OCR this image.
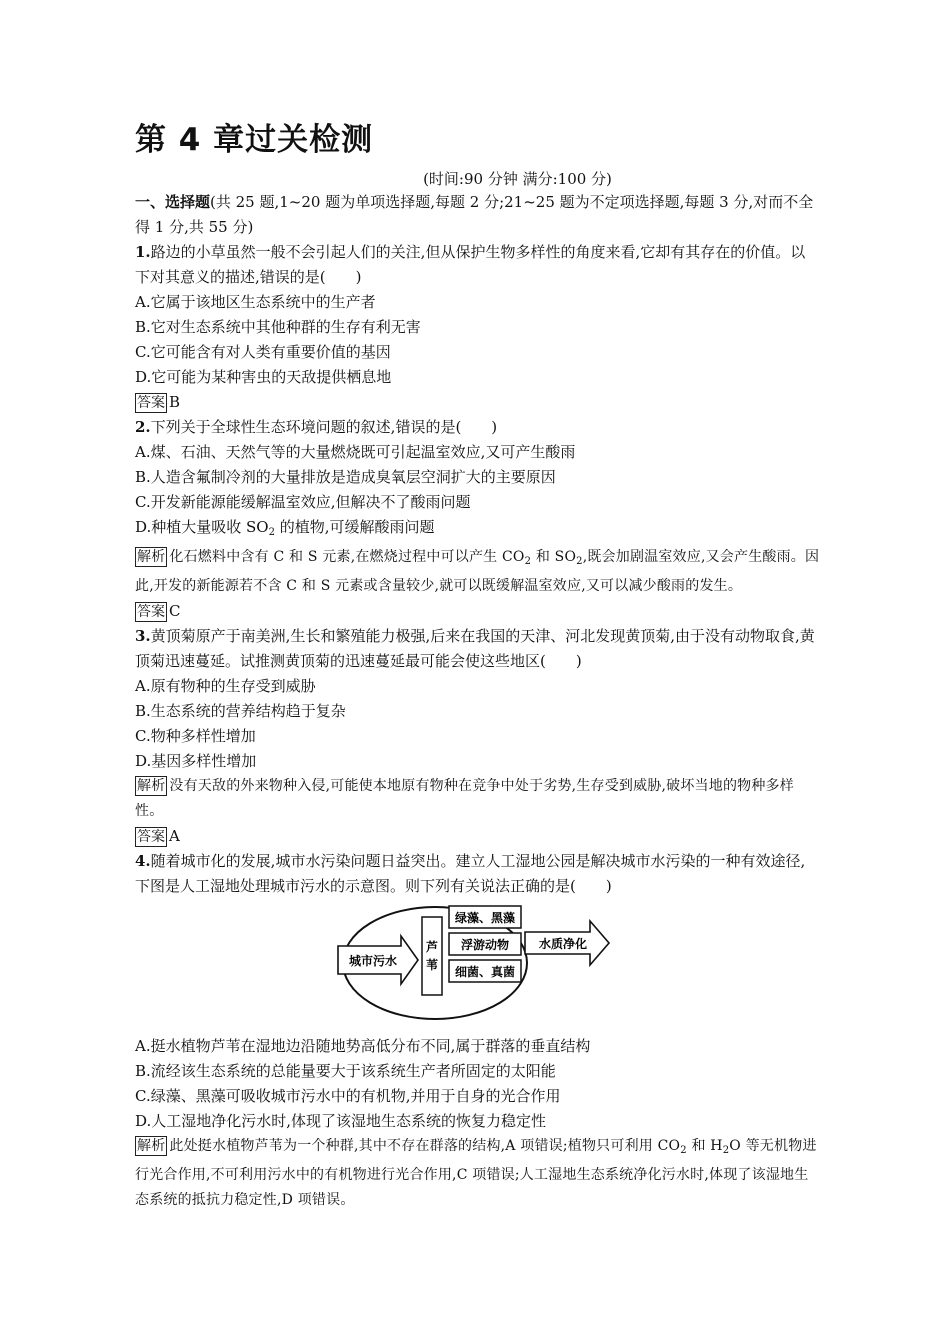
第 4 章过关检测
(时间:90 分钟 满分:100 分)
一、选择题(共 25 题,1~20 题为单项选择题,每题 2 分;21~25 题为不定项选择题,每题 3 分,对而不全得 1 分,共 55 分)
1.路边的小草虽然一般不会引起人们的关注,但从保护生物多样性的角度来看,它却有其存在的价值。以下对其意义的描述,错误的是(　　)
A.它属于该地区生态系统中的生产者
B.它对生态系统中其他种群的生存有利无害
C.它可能含有对人类有重要价值的基因
D.它可能为某种害虫的天敌提供栖息地
答案 B
2.下列关于全球性生态环境问题的叙述,错误的是(　　)
A.煤、石油、天然气等的大量燃烧既可引起温室效应,又可产生酸雨
B.人造含氟制冷剂的大量排放是造成臭氧层空洞扩大的主要原因
C.开发新能源能缓解温室效应,但解决不了酸雨问题
D.种植大量吸收 $SO_2$ 的植物,可缓解酸雨问题
解析 化石燃料中含有 C 和 S 元素,在燃烧过程中可以产生 $CO_2$ 和 $SO_2$,既会加剧温室效应,又会产生酸雨。因此,开发的新能源若不含 C 和 S 元素或含量较少,就可以既缓解温室效应,又可以减少酸雨的发生。
答案 C
3.黄顶菊原产于南美洲,生长和繁殖能力极强,后来在我国的天津、河北发现黄顶菊,由于没有动物取食,黄顶菊迅速蔓延。试推测黄顶菊的迅速蔓延最可能会使这些地区(　　)
A.原有物种的生存受到威胁
B.生态系统的营养结构趋于复杂
C.物种多样性增加
D.基因多样性增加
解析 没有天敌的外来物种入侵,可能使本地原有物种在竞争中处于劣势,生存受到威胁,破坏当地的物种多样性。
答案 A
4.随着城市化的发展,城市水污染问题日益突出。建立人工湿地公园是解决城市水污染的一种有效途径,下图是人工湿地处理城市污水的示意图。则下列有关说法正确的是(　　)
城市污水
芦
苇
绿藻、黑藻
浮游动物
细菌、真菌
水质净化
A.挺水植物芦苇在湿地边沿随地势高低分布不同,属于群落的垂直结构
B.流经该生态系统的总能量要大于该系统生产者所固定的太阳能
C.绿藻、黑藻可吸收城市污水中的有机物,并用于自身的光合作用
D.人工湿地净化污水时,体现了该湿地生态系统的恢复力稳定性
解析 此处挺水植物芦苇为一个种群,其中不存在群落的结构,A 项错误;植物只可利用 $CO_2$ 和 $H_2O$ 等无机物进行光合作用,不可利用污水中的有机物进行光合作用,C 项错误;人工湿地生态系统净化污水时,体现了该湿地生态系统的抵抗力稳定性,D 项错误。
